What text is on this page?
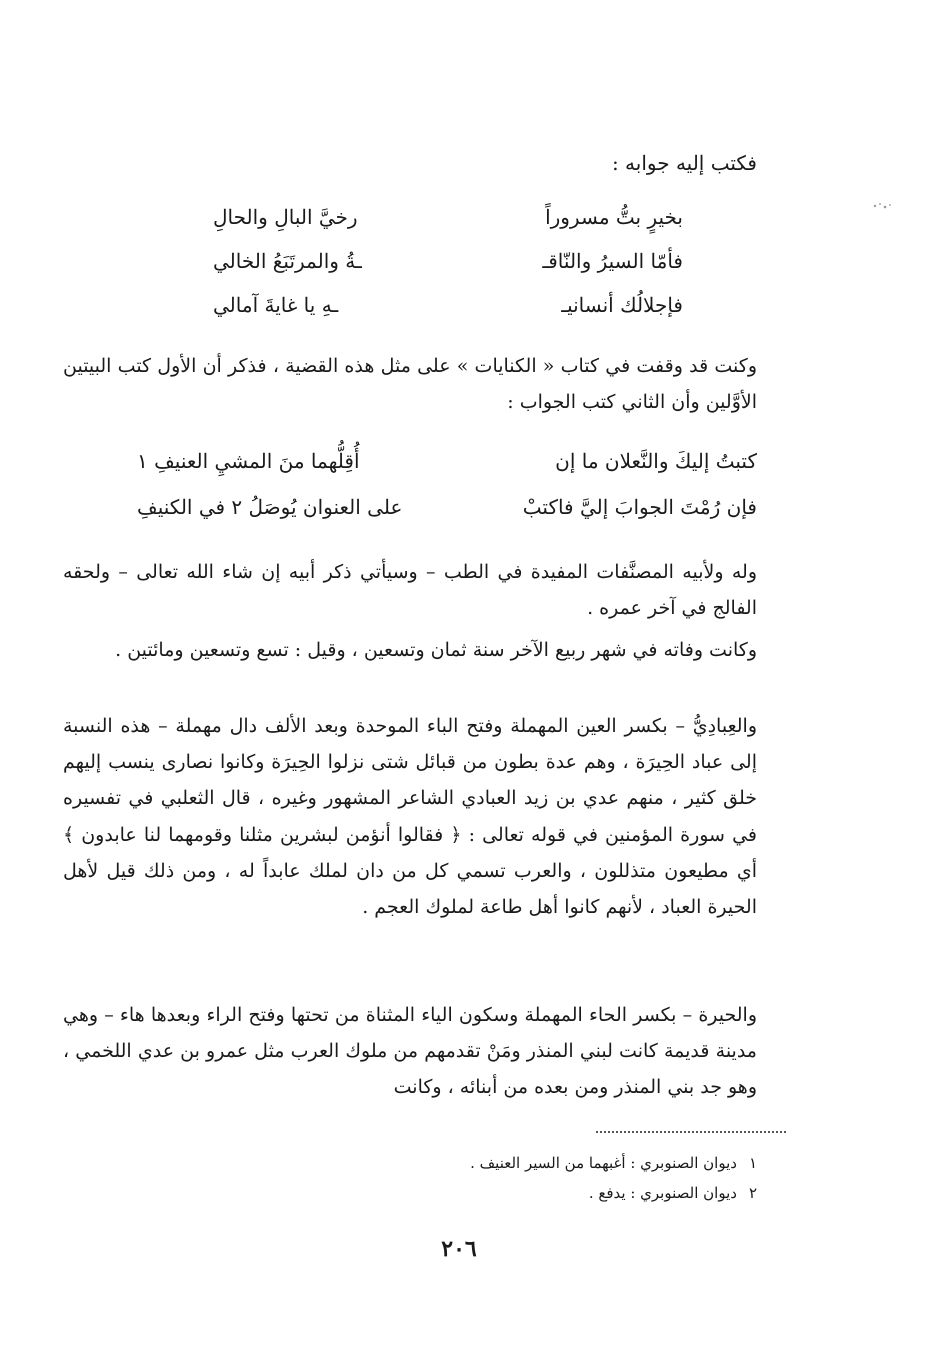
فكتب إليه جوابه :

بخيرٍ بتُّ مسروراً
رخيَّ البالِ والحالِ
فأمّا السيرُ والنّاقـ
ـةُ والمرتَبَعُ الخالي
فإجلالُك أنسانيـ
ـهِ يا غايةَ آمالي

وكنت قد وقفت في كتاب « الكنايات » على مثل هذه القضية ، فذكر أن الأول كتب البيتين الأوَّلين وأن الثاني كتب الجواب :

كتبتُ إليكَ والنَّعلان ما إن
أُقِلُّهما منَ المشيِ العنيفِ ١
فإن رُمْتَ الجوابَ إليَّ فاكتبْ
على العنوان يُوصَلُ ٢ في الكنيفِ

وله ولأبيه المصنَّفات المفيدة في الطب – وسيأتي ذكر أبيه إن شاء الله تعالى – ولحقه الفالج في آخر عمره .

وكانت وفاته في شهر ربيع الآخر سنة ثمان وتسعين ، وقيل : تسع وتسعين ومائتين .

والعِبادِيُّ – بكسر العين المهملة وفتح الباء الموحدة وبعد الألف دال مهملة – هذه النسبة إلى عباد الحِيرَة ، وهم عدة بطون من قبائل شتى نزلوا الحِيرَة وكانوا نصارى ينسب إليهم خلق كثير ، منهم عدي بن زيد العبادي الشاعر المشهور وغيره ، قال الثعلبي في تفسيره في سورة المؤمنين في قوله تعالى : ﴿ فقالوا أنؤمن لبشرين مثلنا وقومهما لنا عابدون ﴾ أي مطيعون متذللون ، والعرب تسمي كل من دان لملك عابداً له ، ومن ذلك قيل لأهل الحيرة العباد ، لأنهم كانوا أهل طاعة لملوك العجم .

والحيرة – بكسر الحاء المهملة وسكون الياء المثناة من تحتها وفتح الراء وبعدها هاء – وهي مدينة قديمة كانت لبني المنذر ومَنْ تقدمهم من ملوك العرب مثل عمرو بن عدي اللخمي ، وهو جد بني المنذر ومن بعده من أبنائه ، وكانت

١ديوان الصنوبري : أغبهما من السير العنيف .

٢ديوان الصنوبري : يدفع .

٢٠٦
